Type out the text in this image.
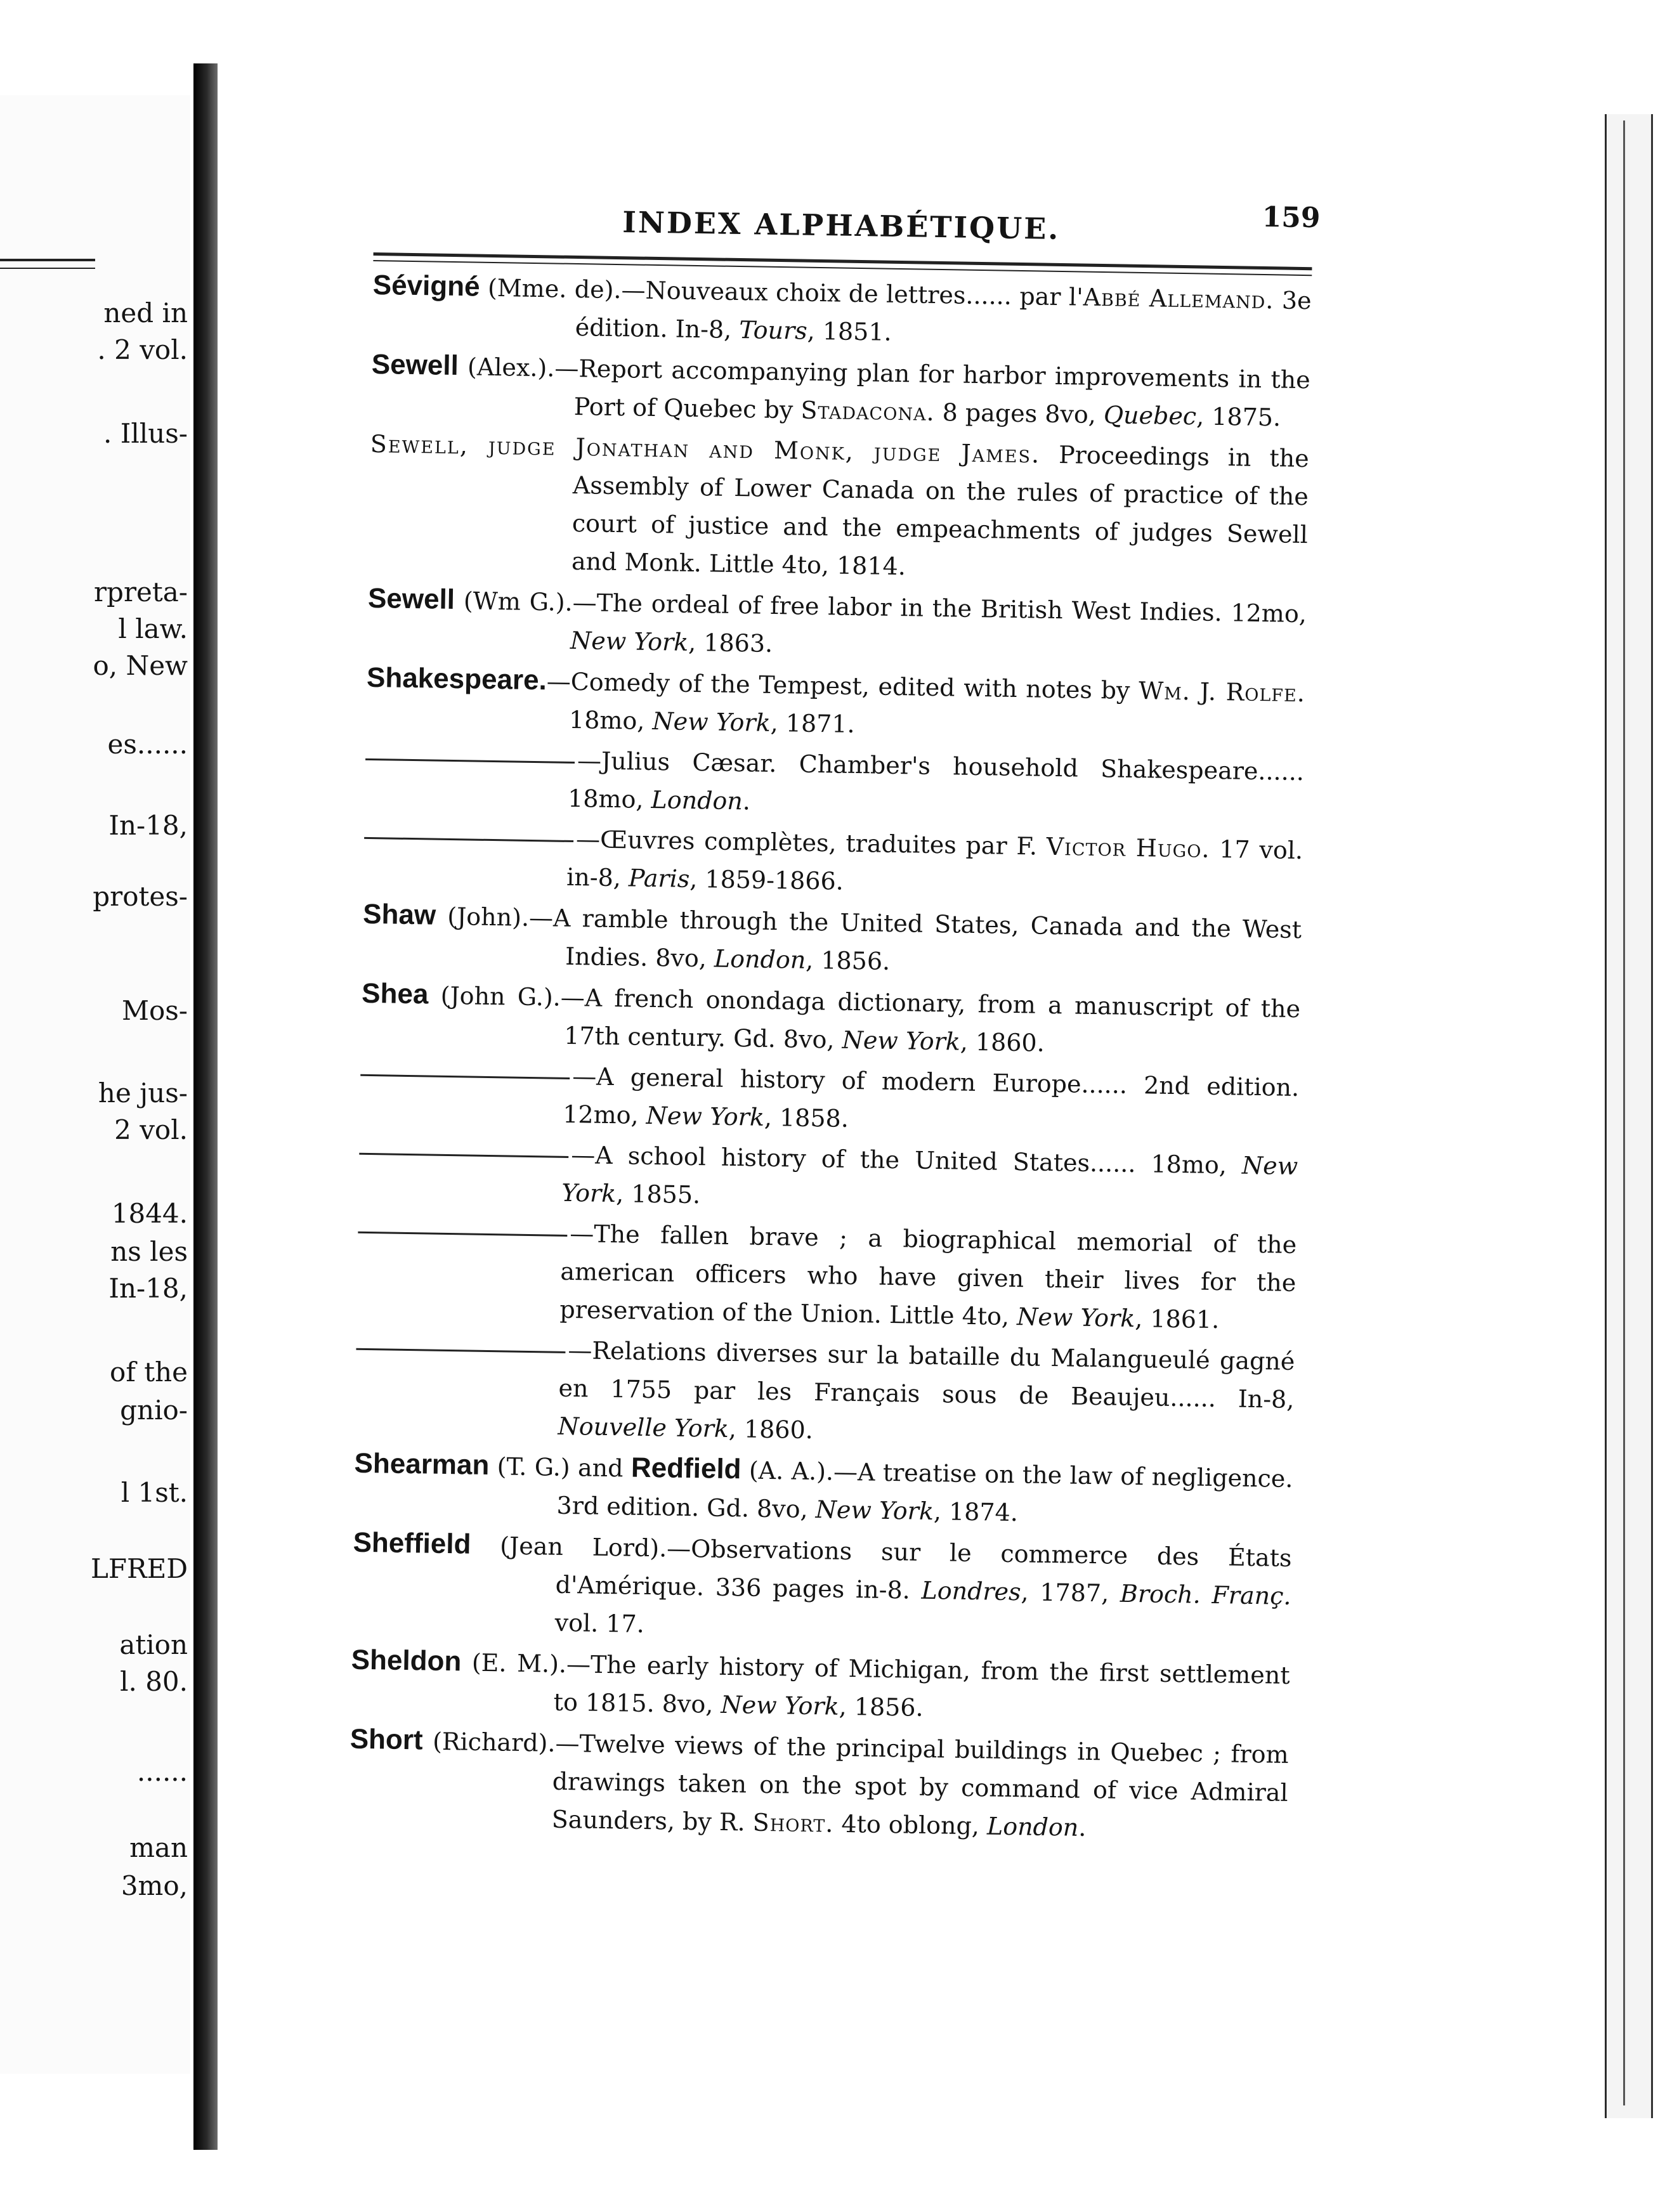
ned in
. 2 vol.
. Illus-
rpreta-
l law.
o, New
es......
In-18,
protes-
Mos-
he jus-
2 vol.
1844.
ns les
In-18,
of the
gnio-
l 1st.
LFRED
ation
l. 80.
......
man
3mo,
INDEX ALPHABÉTIQUE.	159
Sévigné (Mme. de).—Nouveaux choix de lettres...... par l'Abbé Allemand. 3e édition. In-8, Tours, 1851.
Sewell (Alex.).—Report accompanying plan for harbor improvements in the Port of Quebec by Stadacona. 8 pages 8vo, Quebec, 1875.
Sewell, judge Jonathan and Monk, judge James. Proceedings in the Assembly of Lower Canada on the rules of practice of the court of justice and the empeachments of judges Sewell and Monk. Little 4to, 1814.
Sewell (Wm G.).—The ordeal of free labor in the British West Indies. 12mo, New York, 1863.
Shakespeare.—Comedy of the Tempest, edited with notes by Wm. J. Rolfe. 18mo, New York, 1871.
—Julius Cæsar. Chamber's household Shakespeare...... 18mo, London.
—Œuvres complètes, traduites par F. Victor Hugo. 17 vol. in-8, Paris, 1859-1866.
Shaw (John).—A ramble through the United States, Canada and the West Indies. 8vo, London, 1856.
Shea (John G.).—A french onondaga dictionary, from a manuscript of the 17th century. Gd. 8vo, New York, 1860.
—A general history of modern Europe...... 2nd edition. 12mo, New York, 1858.
—A school history of the United States...... 18mo, New York, 1855.
—The fallen brave ; a biographical memorial of the american officers who have given their lives for the preservation of the Union. Little 4to, New York, 1861.
—Relations diverses sur la bataille du Malangueulé gagné en 1755 par les Français sous de Beaujeu...... In-8, Nouvelle York, 1860.
Shearman (T. G.) and Redfield (A. A.).—A treatise on the law of negligence. 3rd edition. Gd. 8vo, New York, 1874.
Sheffield (Jean Lord).—Observations sur le commerce des États d'Amérique. 336 pages in-8. Londres, 1787, Broch. Franç. vol. 17.
Sheldon (E. M.).—The early history of Michigan, from the first settlement to 1815. 8vo, New York, 1856.
Short (Richard).—Twelve views of the principal buildings in Quebec ; from drawings taken on the spot by command of vice Admiral Saunders, by R. Short. 4to oblong, London.
